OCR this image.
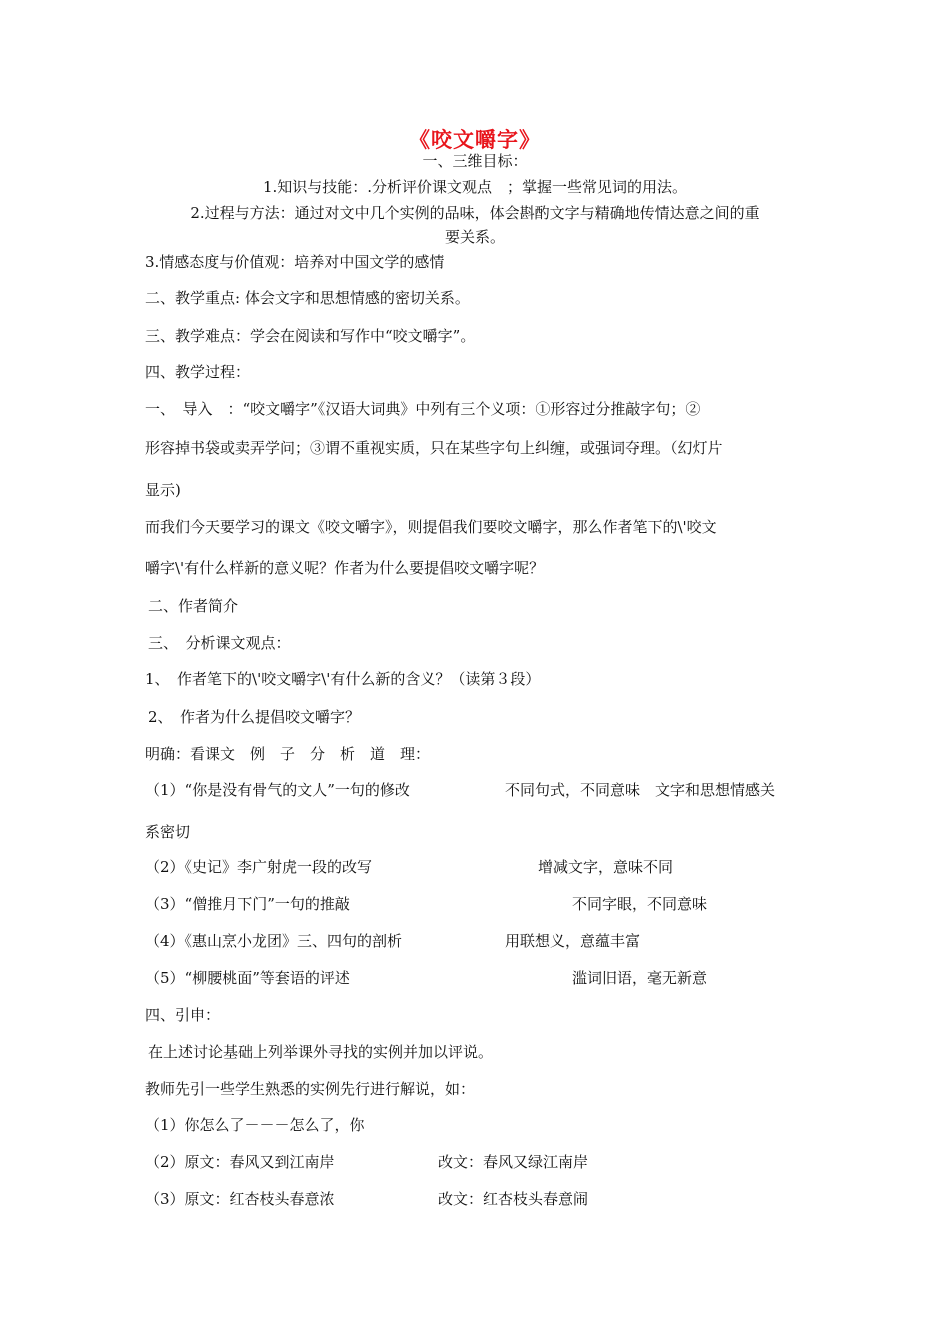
《咬文嚼字》
一、三维目标：
1.知识与技能：.分析评价课文观点　；掌握一些常见词的用法。
2.过程与方法：通过对文中几个实例的品味，体会斟酌文字与精确地传情达意之间的重
要关系。
3.情感态度与价值观：培养对中国文学的感情
二、教学重点: 体会文字和思想情感的密切关系。
三、教学难点：学会在阅读和写作中“咬文嚼字”。
四、教学过程：
一、　导入　：“咬文嚼字”《汉语大词典》中列有三个义项：①形容过分推敲字句；②
形容掉书袋或卖弄学问；③谓不重视实质，只在某些字句上纠缠，或强词夺理。（幻灯片
显示)
而我们今天要学习的课文《咬文嚼字》，则提倡我们要咬文嚼字，那么作者笔下的\'咬文
嚼字\'有什么样新的意义呢？作者为什么要提倡咬文嚼字呢？
二、作者简介
三、　分析课文观点：
1、　作者笔下的\'咬文嚼字\'有什么新的含义？（读第３段）
2、　作者为什么提倡咬文嚼字？
明确：看课文　例　子　分　析　道　理：
（1）“你是没有骨气的文人”一句的修改	不同句式，不同意味　文字和思想情感关
系密切
（2）《史记》李广射虎一段的改写	增减文字，意味不同
（3）“僧推月下门”一句的推敲	不同字眼，不同意味
（4）《惠山烹小龙团》三、四句的剖析	用联想义，意蕴丰富
（5）“柳腰桃面”等套语的评述	滥词旧语，毫无新意
四、引申：
在上述讨论基础上列举课外寻找的实例并加以评说。
教师先引一些学生熟悉的实例先行进行解说，如：
（1）你怎么了－－－怎么了，你
（2）原文：春风又到江南岸	改文：春风又绿江南岸
（3）原文：红杏枝头春意浓	改文：红杏枝头春意闹
